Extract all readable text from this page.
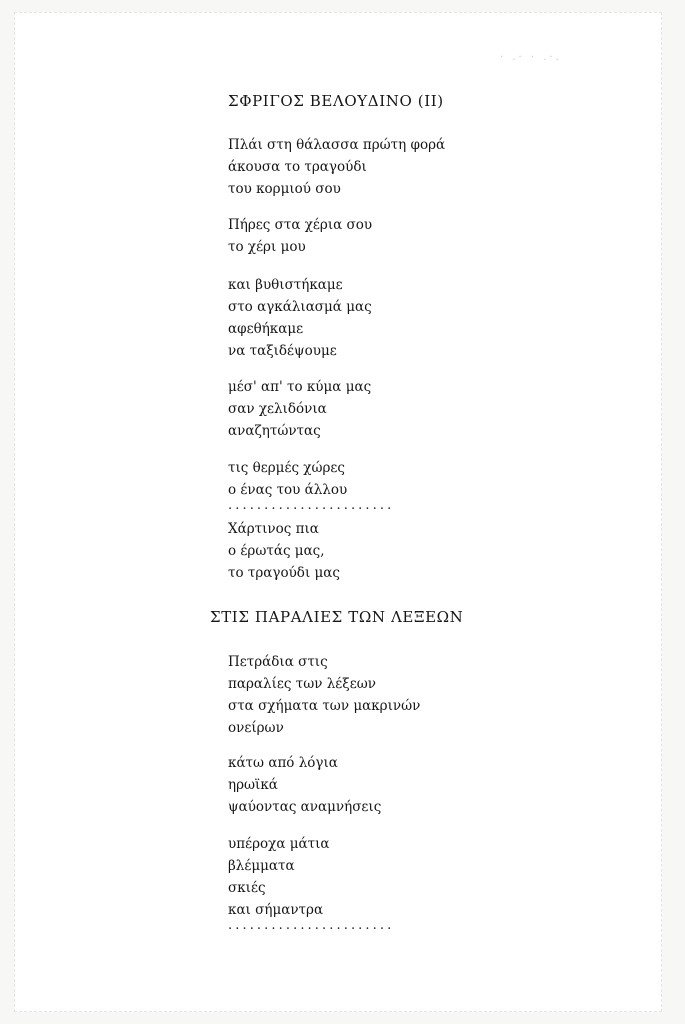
· .· · .·.
ΣΦΡΙΓΟΣ ΒΕΛΟΥΔΙΝΟ (ΙΙ)
Πλάι στη θάλασσα πρώτη φορά
άκουσα το τραγούδι
του κορμιού σου
Πήρες στα χέρια σου
το χέρι μου
και βυθιστήκαμε
στο αγκάλιασμά μας
αφεθήκαμε
να ταξιδέψουμε
μέσ' απ' το κύμα μας
σαν χελιδόνια
αναζητώντας
τις θερμές χώρες
ο ένας του άλλου
.......................
Χάρτινος πια
ο έρωτάς μας,
το τραγούδι μας
ΣΤΙΣ ΠΑΡΑΛΙΕΣ ΤΩΝ ΛΕΞΕΩΝ
Πετράδια στις
παραλίες των λέξεων
στα σχήματα των μακρινών
ονείρων
κάτω από λόγια
ηρωϊκά
ψαύοντας αναμνήσεις
υπέροχα μάτια
βλέμματα
σκιές
και σήμαντρα
.......................
